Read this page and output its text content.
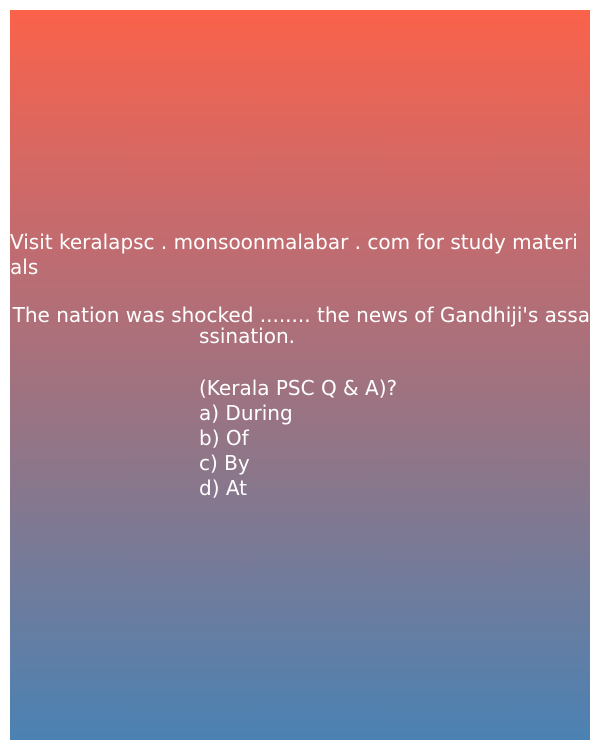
Visit keralapsc . monsoonmalabar . com for study materials
The nation was shocked ........ the news of Gandhiji's assa
ssination.
(Kerala PSC Q & A)?
a) During
b) Of
c) By
d) At
